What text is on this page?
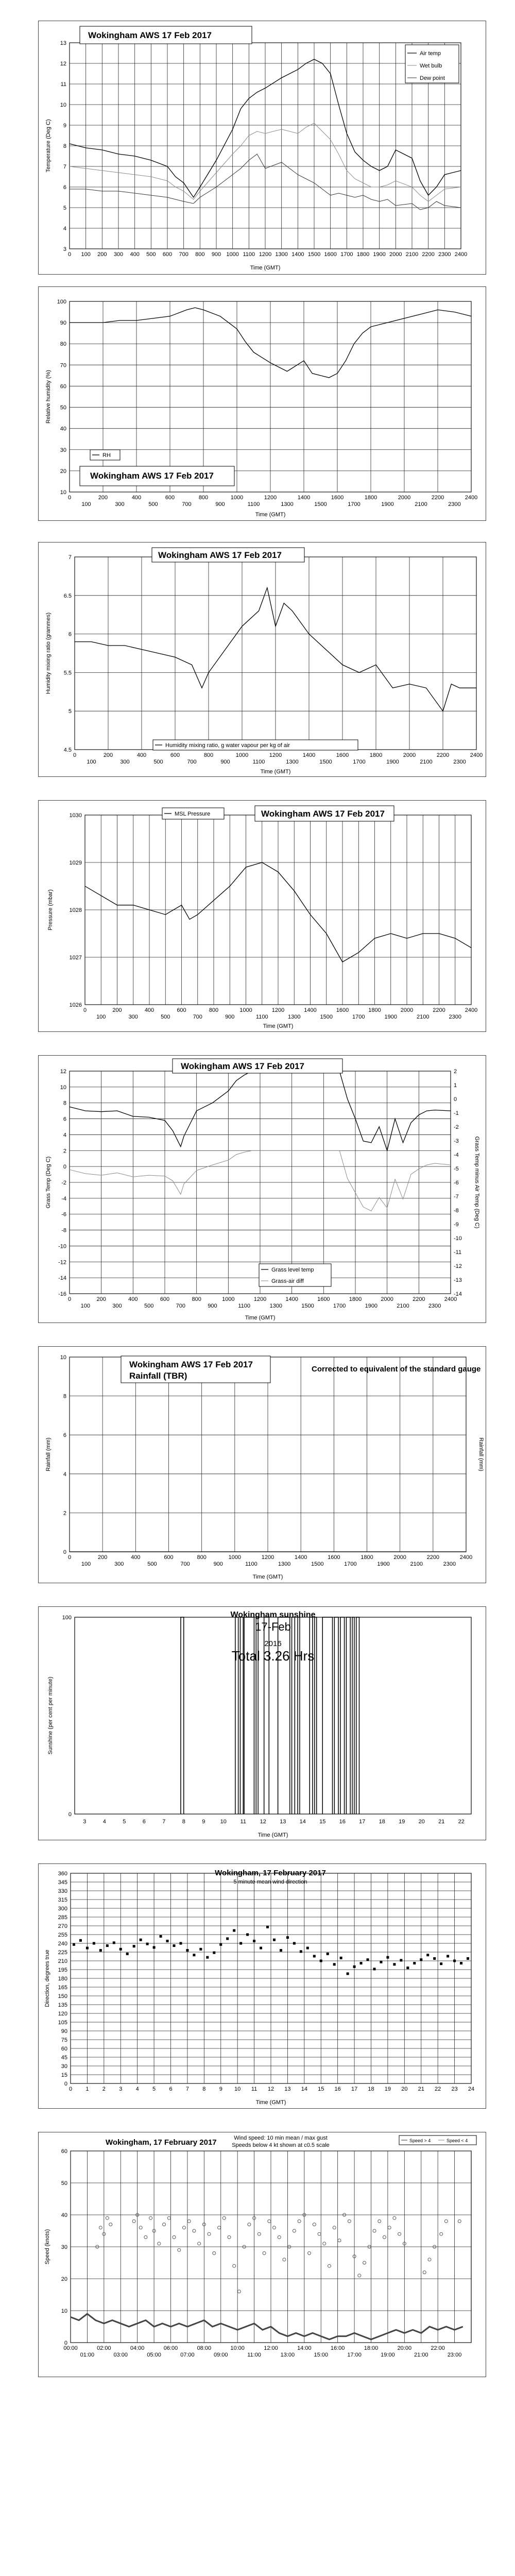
3
4
5
6
7
8
9
10
11
12
13
0 100 200 300 400 500 600 700 800 900 1000 1100 1200 1300 1400 1500 1600 1700 1800 1900 2000 2100 2200 2300 2400
Wokingham AWS 17 Feb 2017
Air temp
Wet bulb
Dew point
Time (GMT)
Temperature (Deg C)
10
20
30
40
50
60
70
80
90
100
0	200	400	600	800	1000	1200	1400	1600	1800	2000	2200	2400
100	300	500	700	900	1100	1300	1500	1700	1900	2100	2300
RH
Wokingham AWS 17 Feb 2017
Time (GMT)
Relative humidity (%)
4.5
5
5.5
6
6.5
7
0	200	400	600	800	1000	1200	1400	1600	1800	2000	2200	2400
100	300	500	700	900	1100	1300	1500	1700	1900	2100	2300
Wokingham AWS 17 Feb 2017
Humidity mixing ratio, g water vapour per kg of air
Time (GMT)
Humidity mixing ratio (grammes)
1026
1027
1028
1029
1030
0	200	400	600	800	1000	1200	1400	1600	1800	2000	2200	2400
100	300	500	700	900	1100	1300	1500	1700	1900	2100	2300
MSL Pressure	Wokingham AWS 17 Feb 2017
Time (GMT)
Pressure (mbar)
12
10
8
6
4
2
0
-2
-4
-6
-8
-10
-12
-14
-16
0	200	400	600	800	1000	1200	1400	1600	1800	2000	2200	2400
100	300	500	700	900	1100	1300	1500	1700	1900	2100	2300
2
1
0
-1
-2
-3
-4
-5
-6
-7
-8
-9
-10
-11
-12
-13
-14
Wokingham AWS 17 Feb 2017
Grass level temp
Grass-air diff
Time (GMT)
Grass Temp (Deg C)	Grass Temp minus Air Temp (Deg C)
0
2
4
6
8
10
0	200	400	600	800	1000	1200	1400	1600	1800	2000	2200	2400
100	300	500	700	900	1100	1300	1500	1700	1900	2100	2300
Wokingham AWS 17 Feb 2017
Rainfall (TBR)
Corrected to equivalent of the standard gauge
Time (GMT)
Rainfall (mm)	Rainfall (mm)
3	4	5	6	7	8	9	10 11 12 13 14 15 16 17 18 19 20 21 22
0
100	Wokingham sunshine
17-Feb
2016
Total 3.26 Hrs
Time (GMT)
Sunshine (per cent per minute)
0
15
30
45
60
75
90
105
120
135
150
165
180
195
210
225
240
255
270
285
300
315
330
345
360
0 1 2 3 4 5 6 7 8 9 10 11 12 13 14 15 16 17 18 19 20 21 22 23 24
Wokingham, 17 February 2017
5 minute mean wind direction
Time (GMT)
Direction, degrees true
0
10
20
30
40
50
60
00:00	02:00	04:00	06:00	08:00	10:00	12:00	14:00	16:00	18:00	20:00	22:00
01:00	03:00	05:00	07:00	09:00	11:00	13:00	15:00	17:00	19:00	21:00	23:00
Wokingham, 17 February 2017	Wind speed: 10 min mean / max gust
Speeds below 4 kt shown at c0.5 scale
Speed > 4	Speed < 4
Speed (knots)
